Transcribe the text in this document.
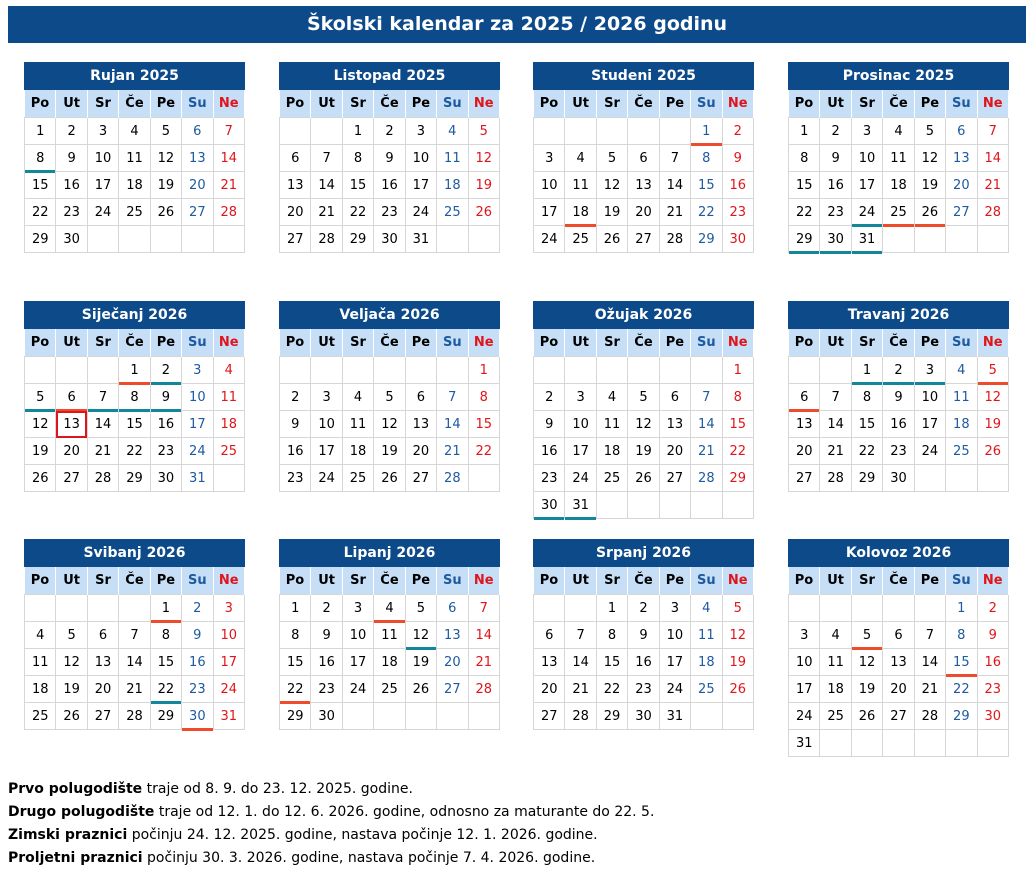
Školski kalendar za 2025 / 2026 godinu
Rujan 2025
Po	Ut	Sr	Če	Pe	Su	Ne
1	2	3	4	5	6	7
8	9	10	11	12	13	14
15	16	17	18	19	20	21
22	23	24	25	26	27	28
29	30					
Listopad 2025
Po	Ut	Sr	Če	Pe	Su	Ne
		1	2	3	4	5
6	7	8	9	10	11	12
13	14	15	16	17	18	19
20	21	22	23	24	25	26
27	28	29	30	31		
Studeni 2025
Po	Ut	Sr	Če	Pe	Su	Ne
					1	2
3	4	5	6	7	8	9
10	11	12	13	14	15	16
17	18	19	20	21	22	23
24	25	26	27	28	29	30
Prosinac 2025
Po	Ut	Sr	Če	Pe	Su	Ne
1	2	3	4	5	6	7
8	9	10	11	12	13	14
15	16	17	18	19	20	21
22	23	24	25	26	27	28
29	30	31				
Siječanj 2026
Po	Ut	Sr	Če	Pe	Su	Ne
			1	2	3	4
5	6	7	8	9	10	11
12	13	14	15	16	17	18
19	20	21	22	23	24	25
26	27	28	29	30	31	
Veljača 2026
Po	Ut	Sr	Če	Pe	Su	Ne
						1
2	3	4	5	6	7	8
9	10	11	12	13	14	15
16	17	18	19	20	21	22
23	24	25	26	27	28	
Ožujak 2026
Po	Ut	Sr	Če	Pe	Su	Ne
						1
2	3	4	5	6	7	8
9	10	11	12	13	14	15
16	17	18	19	20	21	22
23	24	25	26	27	28	29
30	31					
Travanj 2026
Po	Ut	Sr	Če	Pe	Su	Ne
		1	2	3	4	5
6	7	8	9	10	11	12
13	14	15	16	17	18	19
20	21	22	23	24	25	26
27	28	29	30			
Svibanj 2026
Po	Ut	Sr	Če	Pe	Su	Ne
				1	2	3
4	5	6	7	8	9	10
11	12	13	14	15	16	17
18	19	20	21	22	23	24
25	26	27	28	29	30	31
Lipanj 2026
Po	Ut	Sr	Če	Pe	Su	Ne
1	2	3	4	5	6	7
8	9	10	11	12	13	14
15	16	17	18	19	20	21
22	23	24	25	26	27	28
29	30					
Srpanj 2026
Po	Ut	Sr	Če	Pe	Su	Ne
		1	2	3	4	5
6	7	8	9	10	11	12
13	14	15	16	17	18	19
20	21	22	23	24	25	26
27	28	29	30	31		
Kolovoz 2026
Po	Ut	Sr	Če	Pe	Su	Ne
					1	2
3	4	5	6	7	8	9
10	11	12	13	14	15	16
17	18	19	20	21	22	23
24	25	26	27	28	29	30
31						
Prvo polugodište traje od 8. 9. do 23. 12. 2025. godine.
Drugo polugodište traje od 12. 1. do 12. 6. 2026. godine, odnosno za maturante do 22. 5.
Zimski praznici počinju 24. 12. 2025. godine, nastava počinje 12. 1. 2026. godine.
Proljetni praznici počinju 30. 3. 2026. godine, nastava počinje 7. 4. 2026. godine.
